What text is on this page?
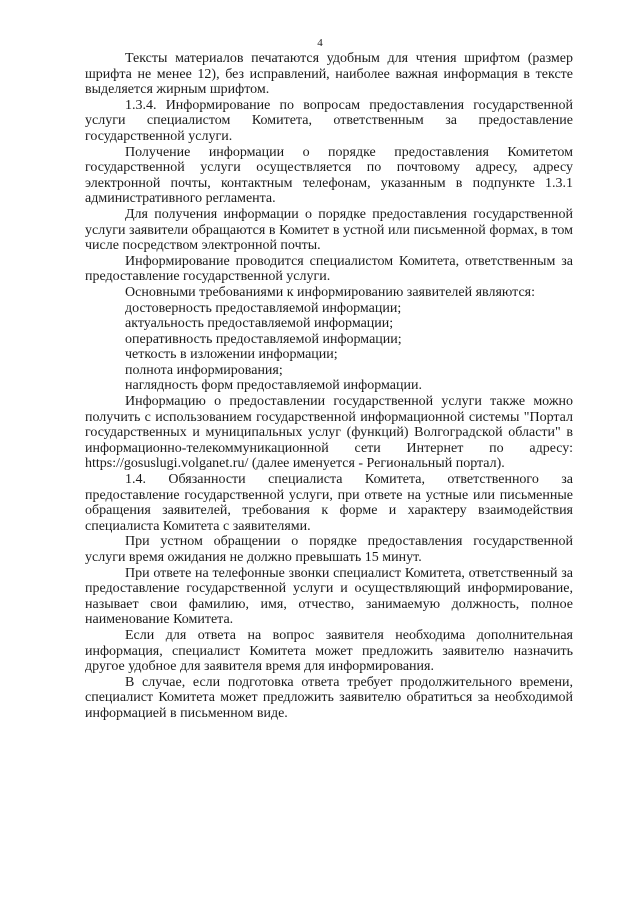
4

Тексты материалов печатаются удобным для чтения шрифтом (размер шрифта не менее 12), без исправлений, наиболее важная информация в тексте выделяется жирным шрифтом.

1.3.4. Информирование по вопросам предоставления государственной услуги специалистом Комитета, ответственным за предоставление государственной услуги.

Получение информации о порядке предоставления Комитетом государственной услуги осуществляется по почтовому адресу, адресу электронной почты, контактным телефонам, указанным в подпункте 1.3.1 административного регламента.

Для получения информации о порядке предоставления государственной услуги заявители обращаются в Комитет в устной или письменной формах, в том числе посредством электронной почты.

Информирование проводится специалистом Комитета, ответственным за предоставление государственной услуги.

Основными требованиями к информированию заявителей являются:

достоверность предоставляемой информации;

актуальность предоставляемой информации;

оперативность предоставляемой информации;

четкость в изложении информации;

полнота информирования;

наглядность форм предоставляемой информации.

Информацию о предоставлении государственной услуги также можно получить с использованием государственной информационной системы "Портал государственных и муниципальных услуг (функций) Волгоградской области" в информационно-телекоммуникационной сети Интернет по адресу: https://gosuslugi.volganet.ru/ (далее именуется - Региональный портал).

1.4. Обязанности специалиста Комитета, ответственного за предоставление государственной услуги, при ответе на устные или письменные обращения заявителей, требования к форме и характеру взаимодействия специалиста Комитета с заявителями.

При устном обращении о порядке предоставления государственной услуги время ожидания не должно превышать 15 минут.

При ответе на телефонные звонки специалист Комитета, ответственный за предоставление государственной услуги и осуществляющий информирование, называет свои фамилию, имя, отчество, занимаемую должность, полное наименование Комитета.

Если для ответа на вопрос заявителя необходима дополнительная информация, специалист Комитета может предложить заявителю назначить другое удобное для заявителя время для информирования.

В случае, если подготовка ответа требует продолжительного времени, специалист Комитета может предложить заявителю обратиться за необходимой информацией в письменном виде.
